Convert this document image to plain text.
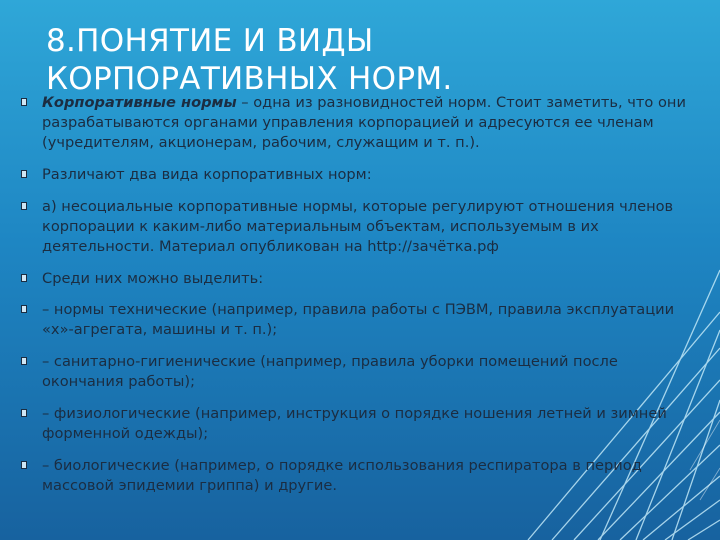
8.ПОНЯТИЕ И ВИДЫ
КОРПОРАТИВНЫХ НОРМ.
Корпоративные нормы – одна из разновидностей норм. Стоит заметить, что они разрабатываются органами управления корпорацией и адресуются ее членам (учредителям, акционерам, рабочим, служащим и т. п.).
Различают два вида корпоративных норм:
а) несоциальные корпоративные нормы, которые регулируют отношения членов корпорации к каким-либо материальным объектам, используемым в их деятельности. Материал опубликован на http://зачётка.рф
Среди них можно выделить:
– нормы технические (например, правила работы с ПЭВМ, правила эксплуатации «х»-агрегата, машины и т. п.);
– санитарно-гигиенические (например, правила уборки помещений после окончания работы);
– физиологические (например, инструкция о порядке ношения летней и зимней форменной одежды);
– биологические (например, о порядке использования респиратора в период массовой эпидемии гриппа) и другие.
